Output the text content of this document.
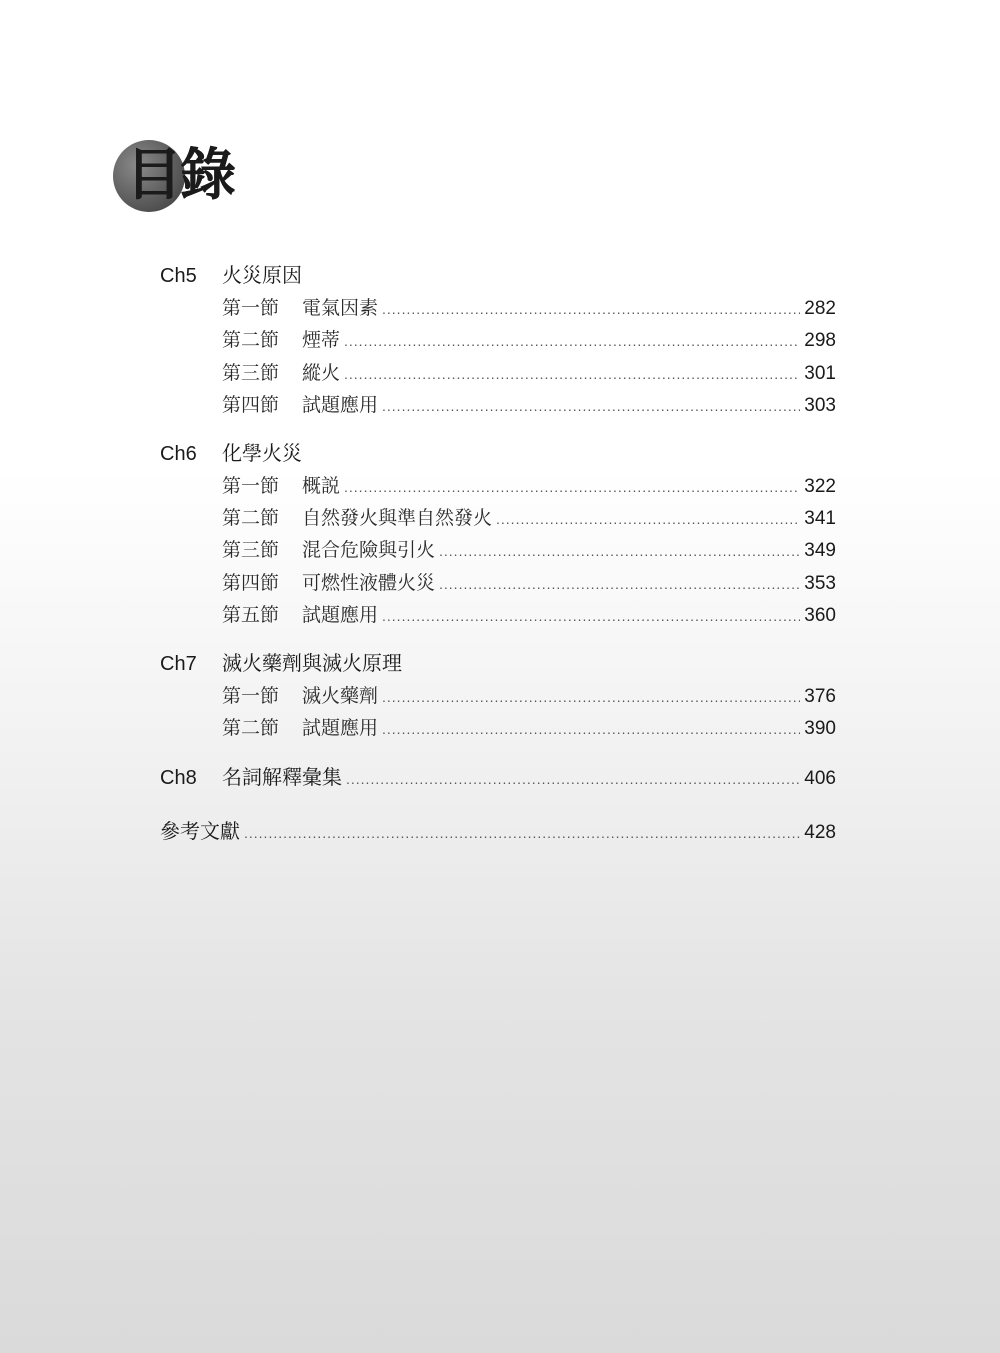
目錄
Ch5	火災原因
第一節	電氣因素 .....	282
第二節	煙蒂 .....	298
第三節	縱火 .....	301
第四節	試題應用 .....	303
Ch6	化學火災
第一節	概説 .....	322
第二節	自然發火與準自然發火 .....	341
第三節	混合危險與引火 .....	349
第四節	可燃性液體火災 .....	353
第五節	試題應用 .....	360
Ch7	滅火藥劑與滅火原理
第一節	滅火藥劑 .....	376
第二節	試題應用 .....	390
Ch8	名詞解釋彙集 .....	406
參考文獻 .....	428
